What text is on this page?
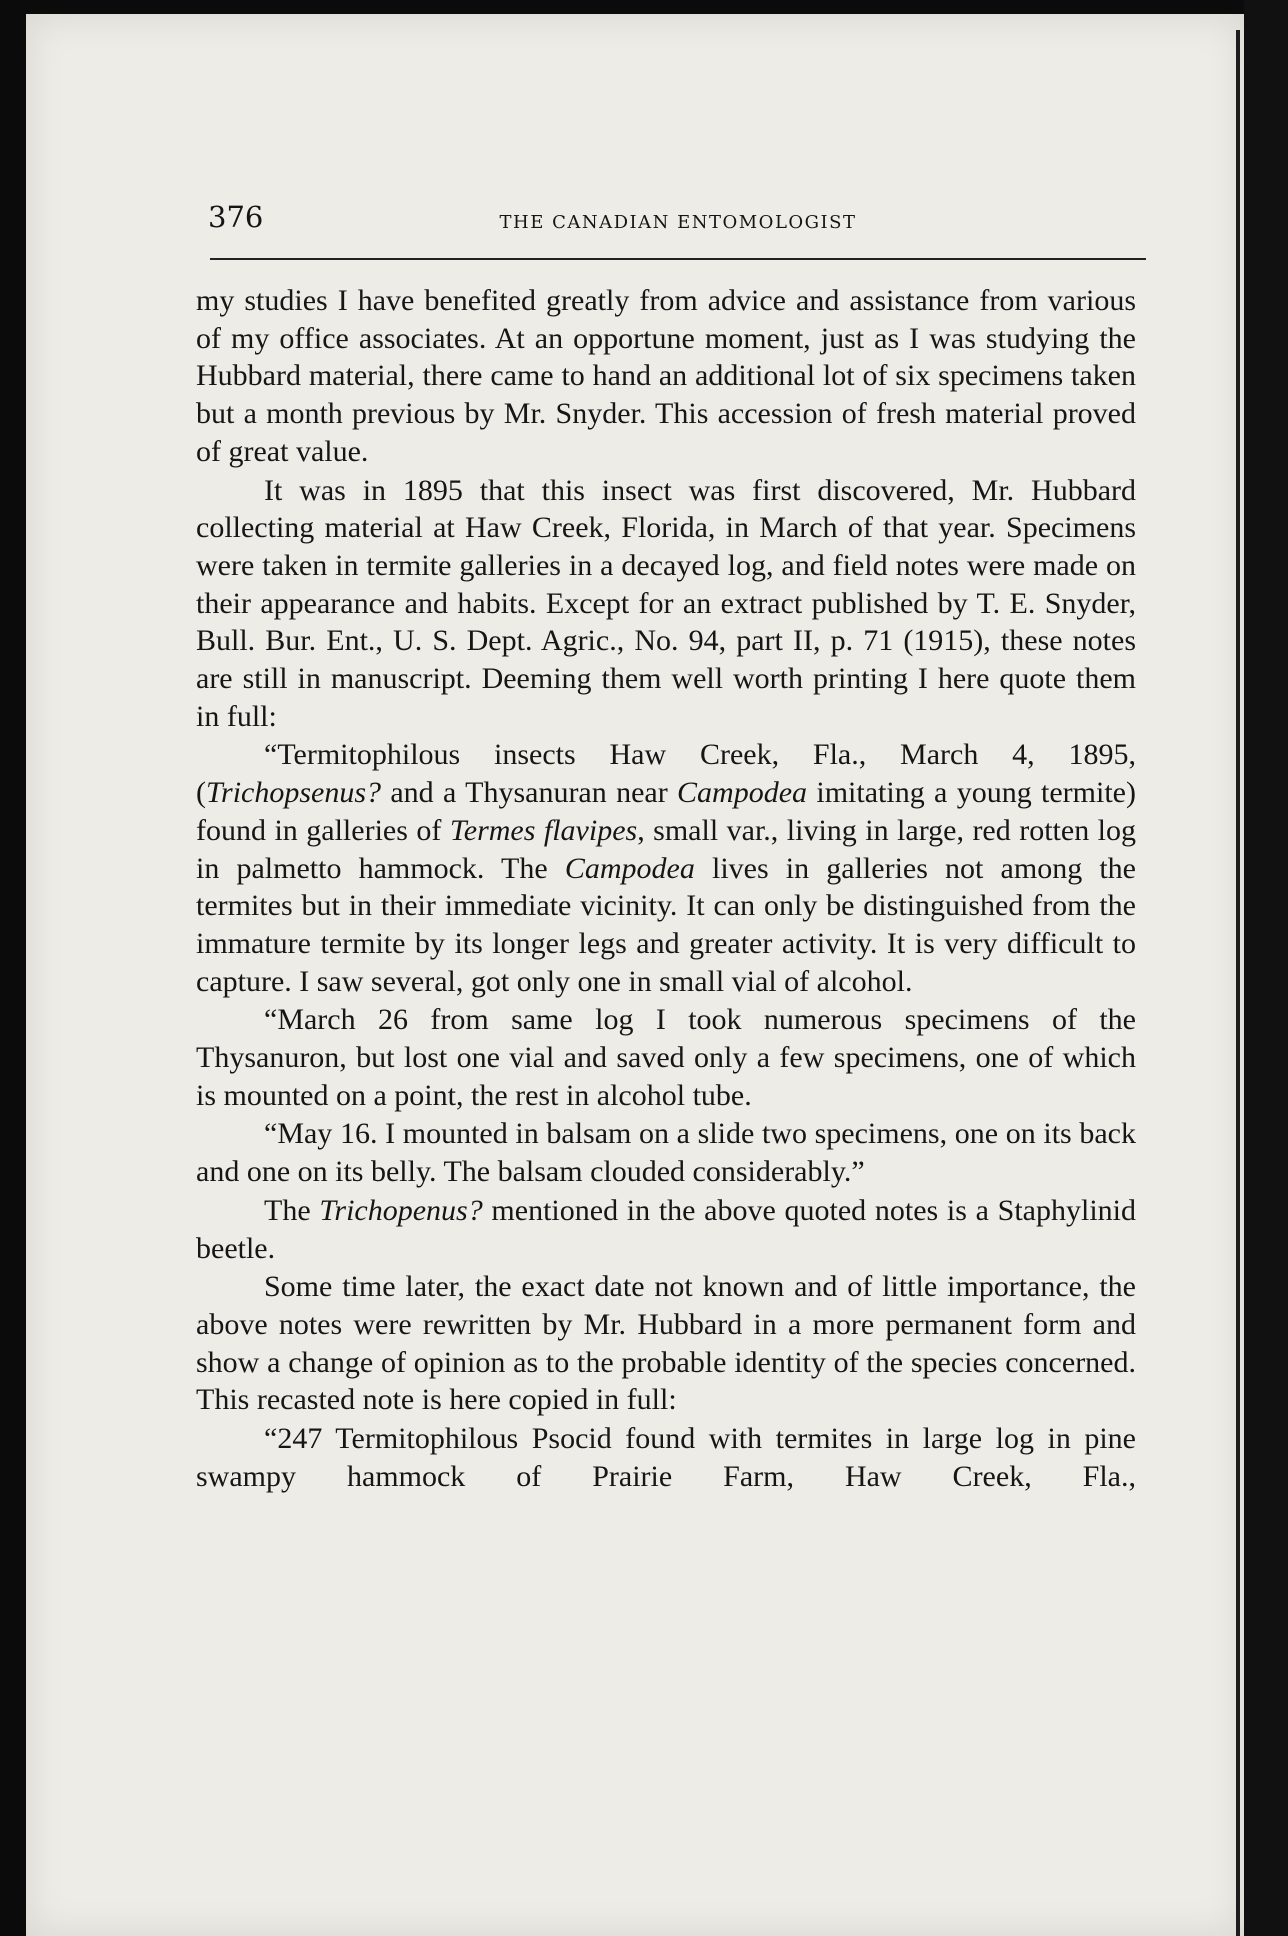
376	THE CANADIAN ENTOMOLOGIST

my studies I have benefited greatly from advice and assistance from various of my office associates. At an opportune moment, just as I was studying the Hubbard material, there came to hand an additional lot of six specimens taken but a month previous by Mr. Snyder. This accession of fresh material proved of great value.

It was in 1895 that this insect was first discovered, Mr. Hubbard collecting material at Haw Creek, Florida, in March of that year. Specimens were taken in termite galleries in a decayed log, and field notes were made on their appearance and habits. Except for an extract published by T. E. Snyder, Bull. Bur. Ent., U. S. Dept. Agric., No. 94, part II, p. 71 (1915), these notes are still in manuscript. Deeming them well worth printing I here quote them in full:

“Termitophilous insects Haw Creek, Fla., March 4, 1895, (Trichopsenus? and a Thysanuran near Campodea imitating a young termite) found in galleries of Termes flavipes, small var., living in large, red rotten log in palmetto hammock. The Campodea lives in galleries not among the termites but in their immediate vicinity. It can only be distinguished from the immature termite by its longer legs and greater activity. It is very difficult to capture. I saw several, got only one in small vial of alcohol.

“March 26 from same log I took numerous specimens of the Thysanuron, but lost one vial and saved only a few specimens, one of which is mounted on a point, the rest in alcohol tube.

“May 16. I mounted in balsam on a slide two specimens, one on its back and one on its belly. The balsam clouded considerably.”

The Trichopenus? mentioned in the above quoted notes is a Staphylinid beetle.

Some time later, the exact date not known and of little importance, the above notes were rewritten by Mr. Hubbard in a more permanent form and show a change of opinion as to the probable identity of the species concerned. This recasted note is here copied in full:

“247 Termitophilous Psocid found with termites in large log in pine swampy hammock of Prairie Farm, Haw Creek, Fla.,
